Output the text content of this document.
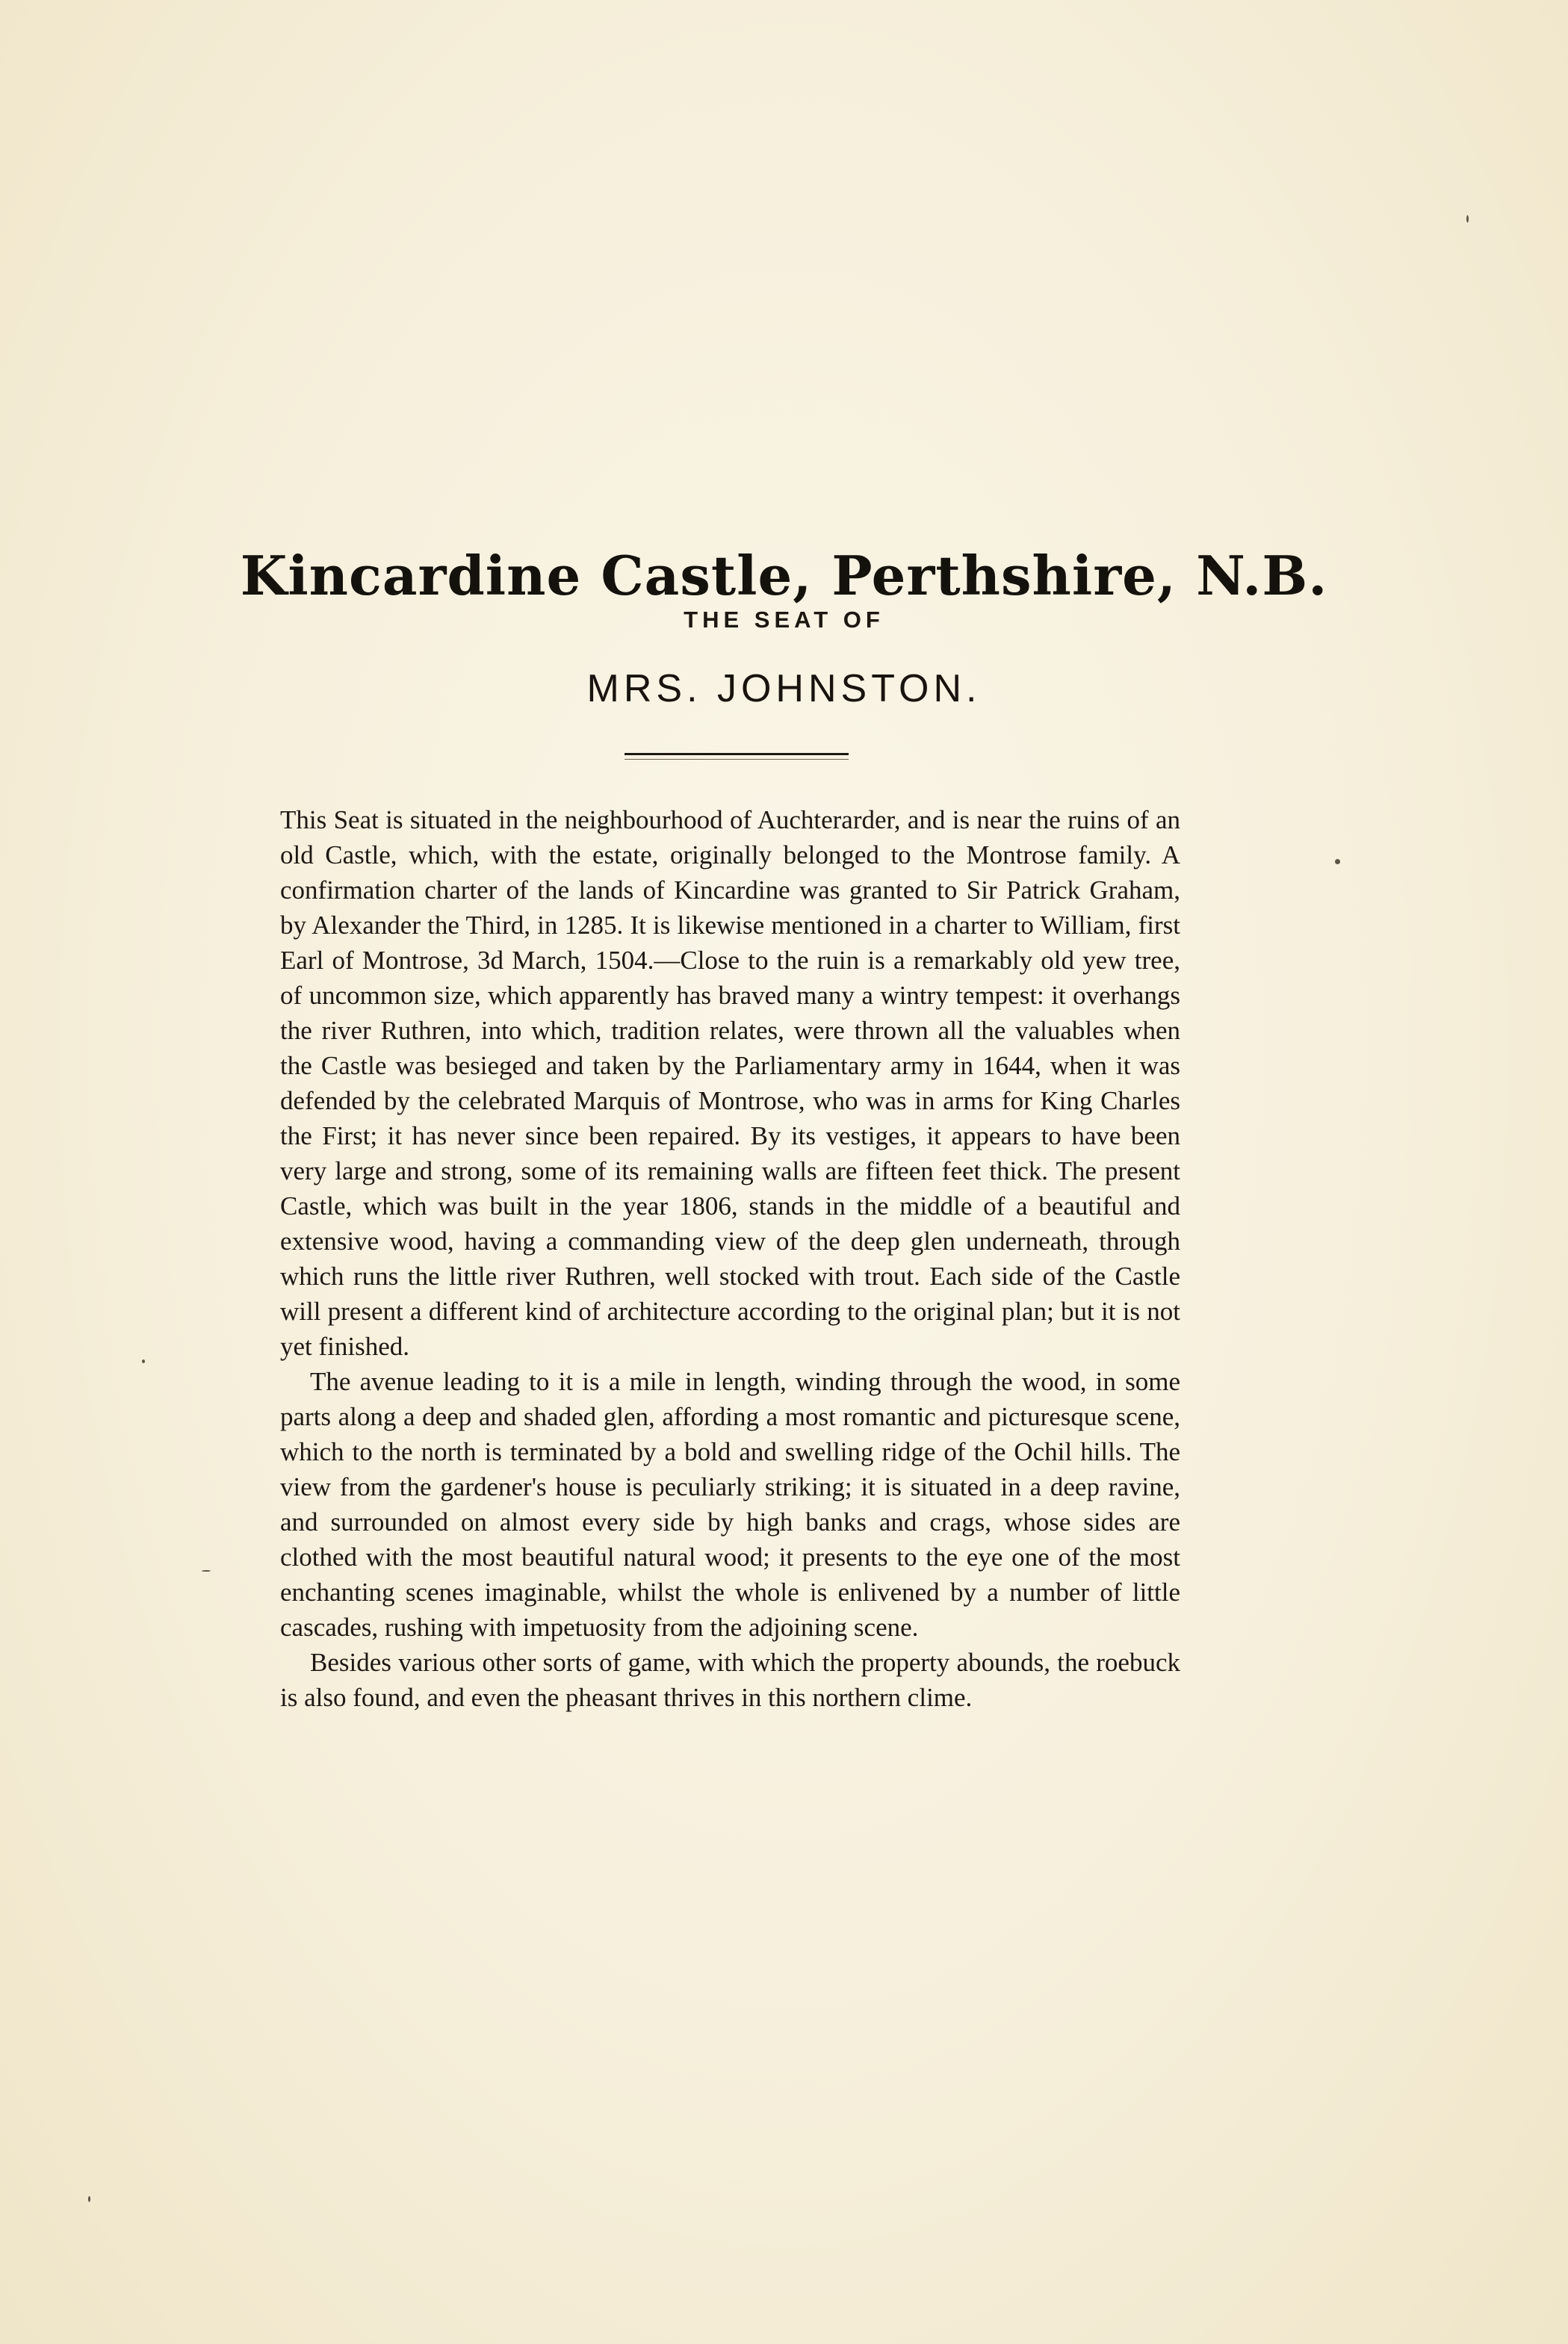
Kincardine Castle, Perthshire, N.B.
THE SEAT OF
MRS. JOHNSTON.

This Seat is situated in the neighbourhood of Auchterarder, and is near the ruins of an old Castle, which, with the estate, originally belonged to the Montrose family. A confirmation charter of the lands of Kincardine was granted to Sir Patrick Graham, by Alexander the Third, in 1285. It is likewise mentioned in a charter to William, first Earl of Montrose, 3d March, 1504.—Close to the ruin is a remarkably old yew tree, of uncommon size, which apparently has braved many a wintry tempest: it overhangs the river Ruthren, into which, tradition relates, were thrown all the valuables when the Castle was besieged and taken by the Parliamentary army in 1644, when it was defended by the celebrated Marquis of Montrose, who was in arms for King Charles the First; it has never since been repaired. By its vestiges, it appears to have been very large and strong, some of its remaining walls are fifteen feet thick. The present Castle, which was built in the year 1806, stands in the middle of a beautiful and extensive wood, having a commanding view of the deep glen underneath, through which runs the little river Ruthren, well stocked with trout. Each side of the Castle will present a different kind of architecture according to the original plan; but it is not yet finished.

The avenue leading to it is a mile in length, winding through the wood, in some parts along a deep and shaded glen, affording a most romantic and picturesque scene, which to the north is terminated by a bold and swelling ridge of the Ochil hills. The view from the gardener's house is peculiarly striking; it is situated in a deep ravine, and surrounded on almost every side by high banks and crags, whose sides are clothed with the most beautiful natural wood; it presents to the eye one of the most enchanting scenes imaginable, whilst the whole is enlivened by a number of little cascades, rushing with impetuosity from the adjoining scene.

Besides various other sorts of game, with which the property abounds, the roebuck is also found, and even the pheasant thrives in this northern clime.
